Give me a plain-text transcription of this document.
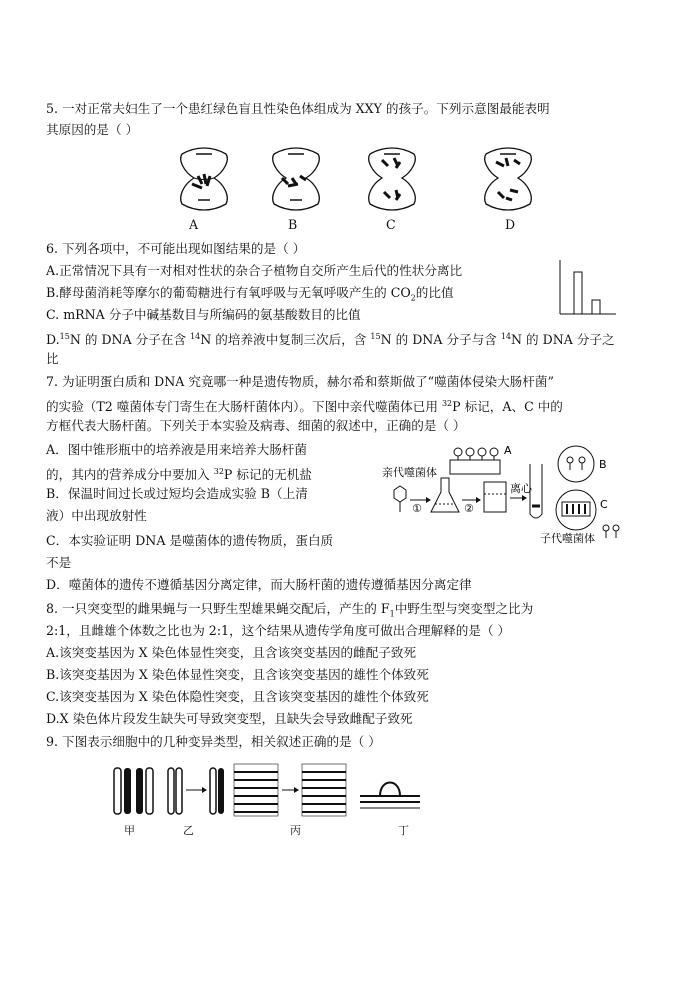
5. 一对正常夫妇生了一个患红绿色盲且性染色体组成为 XXY 的孩子。下列示意图最能表明
其原因的是（ ）
A	B	C	D
6. 下列各项中，不可能出现如图结果的是（ ）
A.正常情况下具有一对相对性状的杂合子植物自交所产生后代的性状分离比
B.酵母菌消耗等摩尔的葡萄糖进行有氧呼吸与无氧呼吸产生的 $CO_2$的比值
C. mRNA 分子中碱基数目与所编码的氨基酸数目的比值
D.$^{15}$N 的 DNA 分子在含 $^{14}$N 的培养液中复制三次后，含 $^{15}$N 的 DNA 分子与含 $^{14}$N 的 DNA 分子之
比
7. 为证明蛋白质和 DNA 究竟哪一种是遗传物质，赫尔希和蔡斯做了“噬菌体侵染大肠杆菌”
的实验（T2 噬菌体专门寄生在大肠杆菌体内）。下图中亲代噬菌体已用 $^{32}$P 标记，A、C 中的
方框代表大肠杆菌。下列关于本实验及病毒、细菌的叙述中，正确的是（ ）
A．图中锥形瓶中的培养液是用来培养大肠杆菌
的，其内的营养成分中要加入 $^{32}$P 标记的无机盐
B．保温时间过长或过短均会造成实验 B（上清
液）中出现放射性
C．本实验证明 DNA 是噬菌体的遗传物质，蛋白质
不是
D．噬菌体的遗传不遵循基因分离定律，而大肠杆菌的遗传遵循基因分离定律
亲代噬菌体
①	②
A
离心
B
C
子代噬菌体
8. 一只突变型的雌果蝇与一只野生型雄果蝇交配后，产生的 $F_1$中野生型与突变型之比为
2:1，且雌雄个体数之比也为 2:1，这个结果从遗传学角度可做出合理解释的是（ ）
A.该突变基因为 X 染色体显性突变，且含该突变基因的雌配子致死
B.该突变基因为 X 染色体显性突变，且含该突变基因的雄性个体致死
C.该突变基因为 X 染色体隐性突变，且含该突变基因的雄性个体致死
D.X 染色体片段发生缺失可导致突变型，且缺失会导致雌配子致死
9. 下图表示细胞中的几种变异类型，相关叙述正确的是（ ）
甲	乙	丙	丁
